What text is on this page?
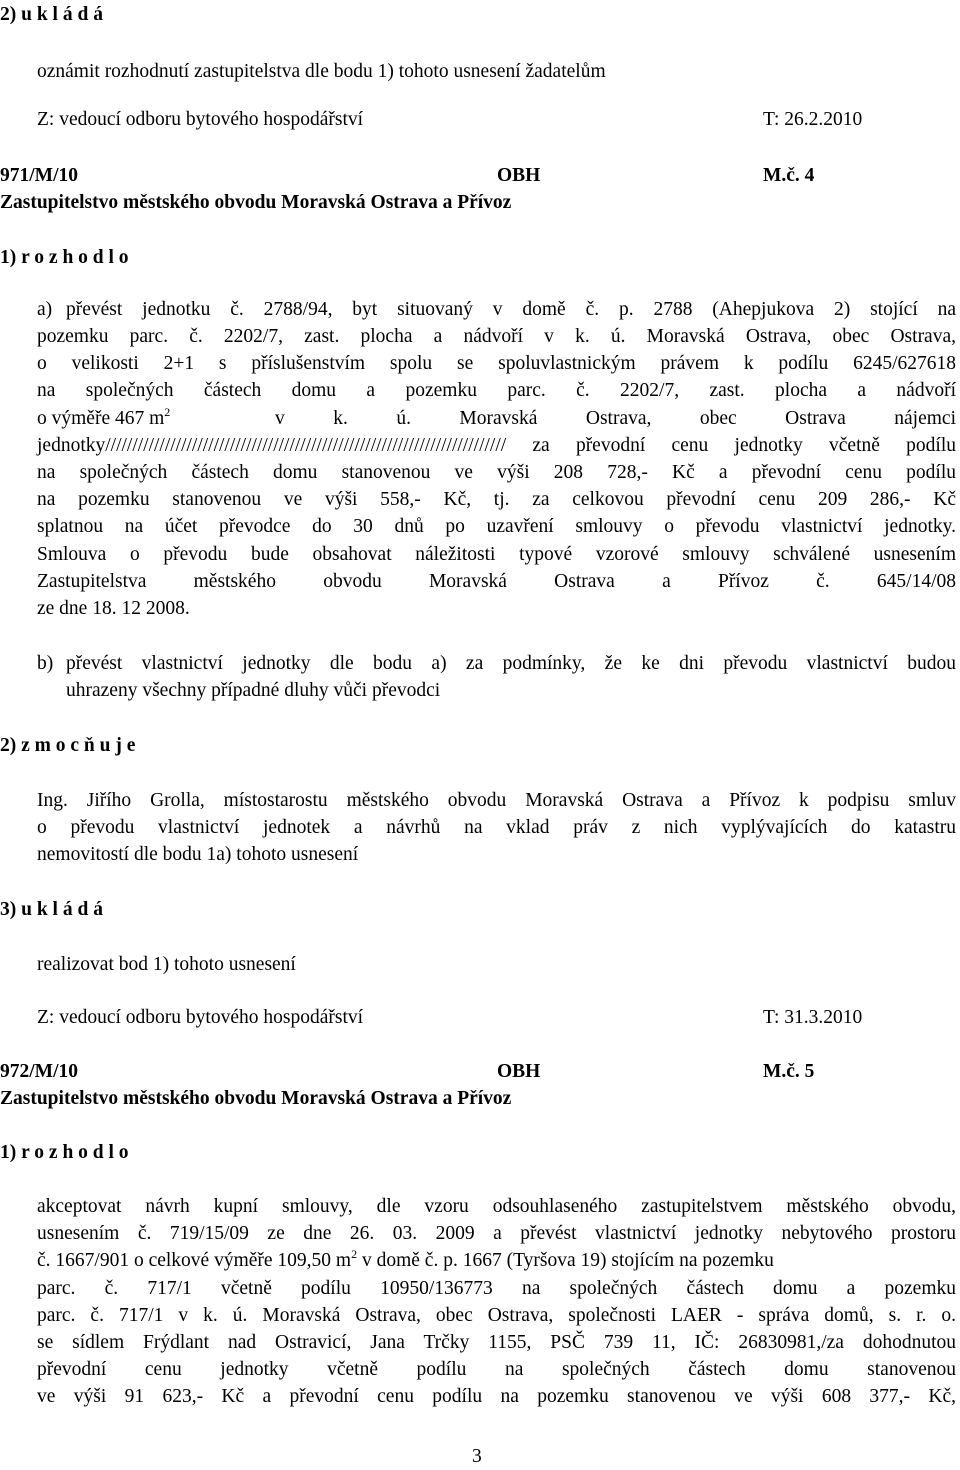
2) u k l á d á
oznámit rozhodnutí zastupitelstva dle bodu 1) tohoto usnesení žadatelům
Z: vedoucí odboru bytového hospodářství	T: 26.2.2010
971/M/10	OBH	M.č. 4
Zastupitelstvo městského obvodu Moravská Ostrava a Přívoz
1) r o z h o d l o
a) převést jednotku č. 2788/94, byt situovaný v domě č. p. 2788 (Ahepjukova 2) stojící na
pozemku parc. č. 2202/7, zast. plocha a nádvoří v k. ú. Moravská Ostrava, obec Ostrava,
o velikosti 2+1 s příslušenstvím spolu se spoluvlastnickým právem k podílu 6245/627618
na společných částech domu a pozemku parc. č. 2202/7, zast. plocha a nádvoří
o výměře 467 $m^2$	v k. ú. Moravská Ostrava, obec Ostrava nájemci
jednotky////////////////////////////////////////////////////////////////////////// za převodní cenu jednotky včetně podílu
na společných částech domu stanovenou ve výši 208 728,- Kč a převodní cenu podílu
na pozemku stanovenou ve výši 558,- Kč, tj. za celkovou převodní cenu 209 286,- Kč
splatnou na účet převodce do 30 dnů po uzavření smlouvy o převodu vlastnictví jednotky.
Smlouva o převodu bude obsahovat náležitosti typové vzorové smlouvy schválené usnesením
Zastupitelstva městského obvodu Moravská Ostrava a Přívoz č. 645/14/08
ze dne 18. 12 2008.
b) převést vlastnictví jednotky dle bodu a) za podmínky, že ke dni převodu vlastnictví budou
uhrazeny všechny případné dluhy vůči převodci
2) z m o c ň u j e
Ing. Jiřího Grolla, místostarostu městského obvodu Moravská Ostrava a Přívoz k podpisu smluv
o převodu vlastnictví jednotek a návrhů na vklad práv z nich vyplývajících do katastru
nemovitostí dle bodu 1a) tohoto usnesení
3) u k l á d á
realizovat bod 1) tohoto usnesení
Z: vedoucí odboru bytového hospodářství	T: 31.3.2010
972/M/10	OBH	M.č. 5
Zastupitelstvo městského obvodu Moravská Ostrava a Přívoz
1) r o z h o d l o
akceptovat návrh kupní smlouvy, dle vzoru odsouhlaseného zastupitelstvem městského obvodu,
usnesením č. 719/15/09 ze dne 26. 03. 2009 a převést vlastnictví jednotky nebytového prostoru
č. 1667/901 o celkové výměře 109,50 $m^2$ v domě č. p. 1667 (Tyršova 19) stojícím na pozemku
parc. č. 717/1 včetně podílu 10950/136773 na společných částech domu a pozemku
parc. č. 717/1 v k. ú. Moravská Ostrava, obec Ostrava, společnosti LAER - správa domů, s. r. o.
se sídlem Frýdlant nad Ostravicí, Jana Trčky 1155, PSČ 739 11, IČ: 26830981,/za dohodnutou
převodní cenu jednotky včetně podílu na společných částech domu stanovenou
ve výši 91 623,- Kč a převodní cenu podílu na pozemku stanovenou ve výši 608 377,- Kč,
3
